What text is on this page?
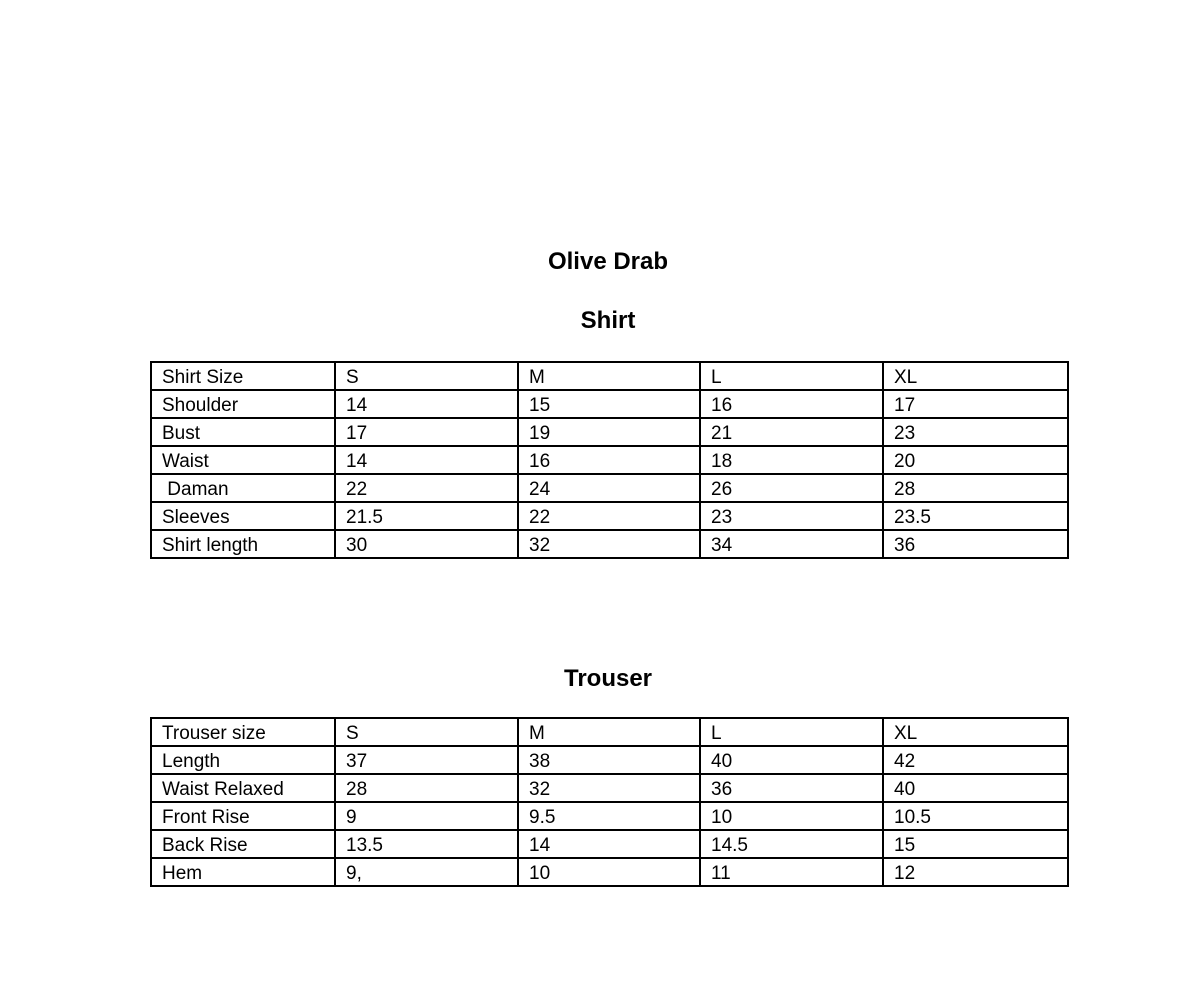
Olive Drab
Shirt
Shirt Size	S	M	L	XL
Shoulder	14	15	16	17
Bust	17	19	21	23
Waist	14	16	18	20
Daman	22	24	26	28
Sleeves	21.5	22	23	23.5
Shirt length	30	32	34	36
Trouser
Trouser size	S	M	L	XL
Length	37	38	40	42
Waist Relaxed	28	32	36	40
Front Rise	9	9.5	10	10.5
Back Rise	13.5	14	14.5	15
Hem	9,	10	11	12
